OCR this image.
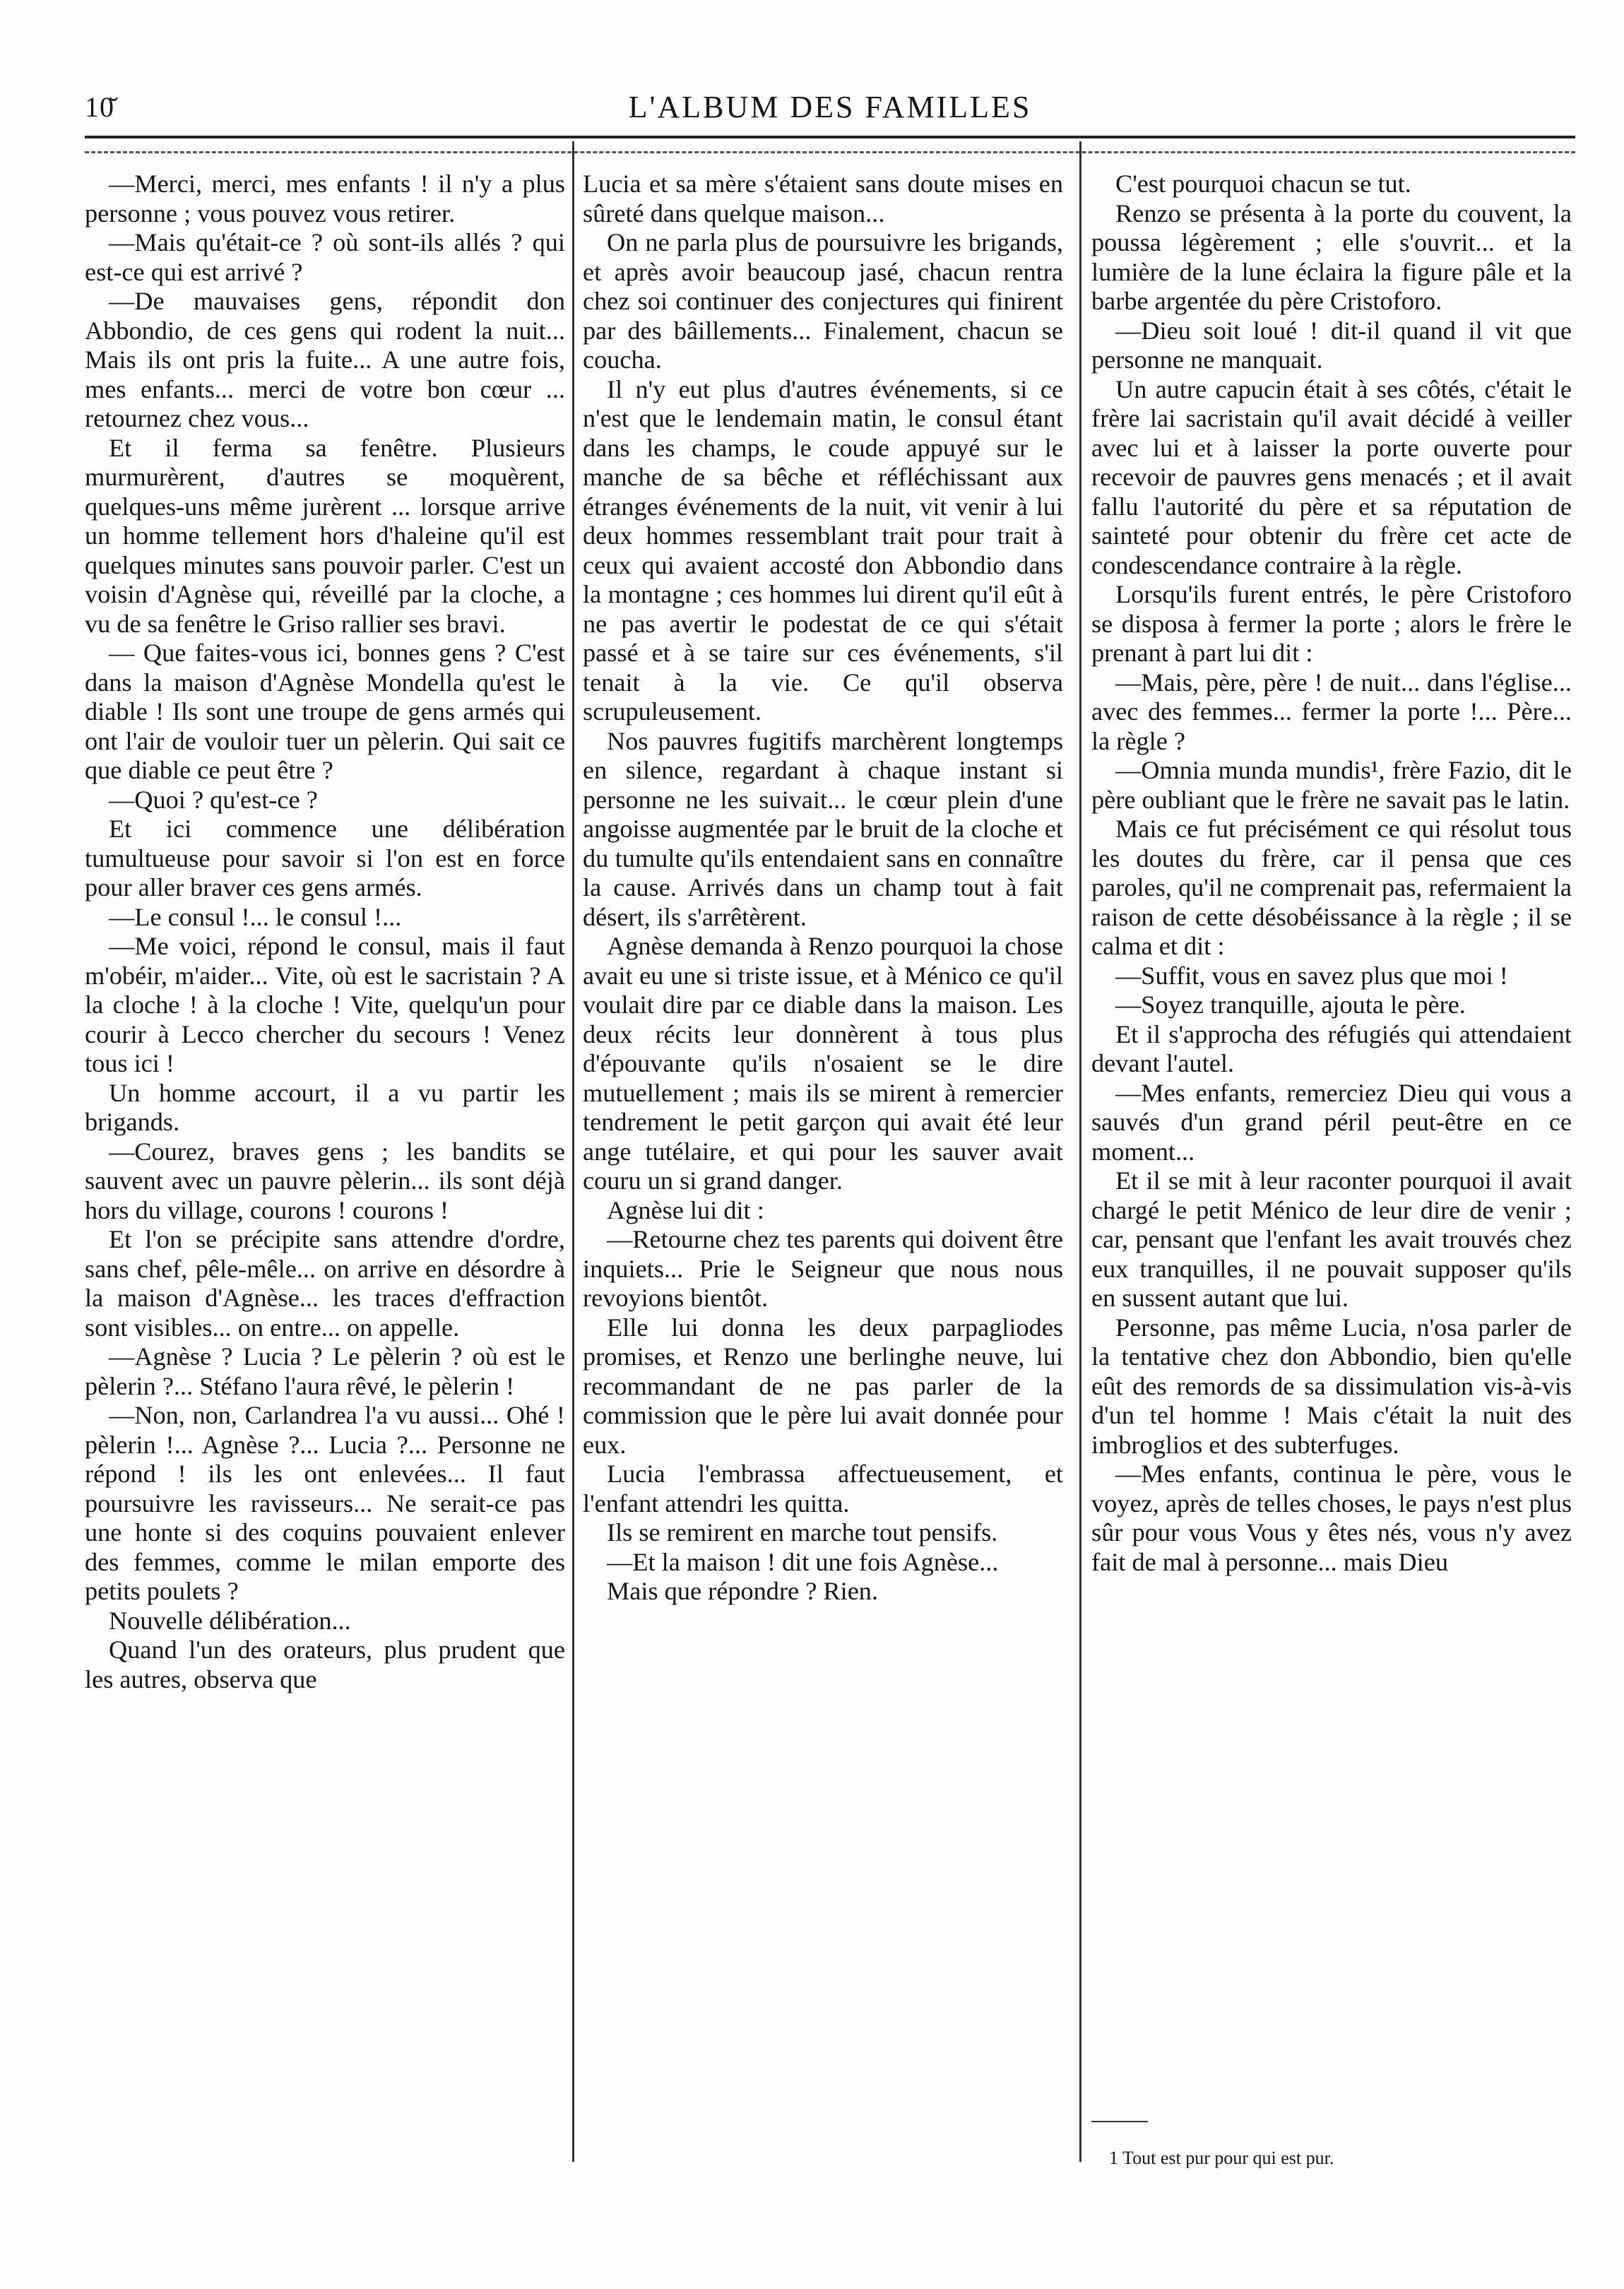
10̆	L'ALBUM DES FAMILLES

—Merci, merci, mes enfants ! il n'y a plus personne ; vous pouvez vous retirer.

—Mais qu'était-ce ? où sont-ils allés ? qui est-ce qui est arrivé ?

—De mauvaises gens, répondit don Abbondio, de ces gens qui rodent la nuit... Mais ils ont pris la fuite... A une autre fois, mes enfants... merci de votre bon cœur ... retournez chez vous...

Et il ferma sa fenêtre. Plusieurs murmurèrent, d'autres se moquèrent, quelques-uns même jurèrent ... lorsque arrive un homme tellement hors d'haleine qu'il est quelques minutes sans pouvoir parler. C'est un voisin d'Agnèse qui, réveillé par la cloche, a vu de sa fenêtre le Griso rallier ses bravi.

— Que faites-vous ici, bonnes gens ? C'est dans la maison d'Agnèse Mondella qu'est le diable ! Ils sont une troupe de gens armés qui ont l'air de vouloir tuer un pèlerin. Qui sait ce que diable ce peut être ?

—Quoi ? qu'est-ce ?

Et ici commence une délibération tumultueuse pour savoir si l'on est en force pour aller braver ces gens armés.

—Le consul !... le consul !...

—Me voici, répond le consul, mais il faut m'obéir, m'aider... Vite, où est le sacristain ? A la cloche ! à la cloche ! Vite, quelqu'un pour courir à Lecco chercher du secours ! Venez tous ici !

Un homme accourt, il a vu partir les brigands.

—Courez, braves gens ; les bandits se sauvent avec un pauvre pèlerin... ils sont déjà hors du village, courons ! courons !

Et l'on se précipite sans attendre d'ordre, sans chef, pêle-mêle... on arrive en désordre à la maison d'Agnèse... les traces d'effraction sont visibles... on entre... on appelle.

—Agnèse ? Lucia ? Le pèlerin ? où est le pèlerin ?... Stéfano l'aura rêvé, le pèlerin !

—Non, non, Carlandrea l'a vu aussi... Ohé ! pèlerin !... Agnèse ?... Lucia ?... Personne ne répond ! ils les ont enlevées... Il faut poursuivre les ravisseurs... Ne serait-ce pas une honte si des coquins pouvaient enlever des femmes, comme le milan emporte des petits poulets ?

Nouvelle délibération...

Quand l'un des orateurs, plus prudent que les autres, observa que

Lucia et sa mère s'étaient sans doute mises en sûreté dans quelque maison...

On ne parla plus de poursuivre les brigands, et après avoir beaucoup jasé, chacun rentra chez soi continuer des conjectures qui finirent par des bâillements... Finalement, chacun se coucha.

Il n'y eut plus d'autres événements, si ce n'est que le lendemain matin, le consul étant dans les champs, le coude appuyé sur le manche de sa bêche et réfléchissant aux étranges événements de la nuit, vit venir à lui deux hommes ressemblant trait pour trait à ceux qui avaient accosté don Abbondio dans la montagne ; ces hommes lui dirent qu'il eût à ne pas avertir le podestat de ce qui s'était passé et à se taire sur ces événements, s'il tenait à la vie. Ce qu'il observa scrupuleusement.

Nos pauvres fugitifs marchèrent longtemps en silence, regardant à chaque instant si personne ne les suivait... le cœur plein d'une angoisse augmentée par le bruit de la cloche et du tumulte qu'ils entendaient sans en connaître la cause. Arrivés dans un champ tout à fait désert, ils s'arrêtèrent.

Agnèse demanda à Renzo pourquoi la chose avait eu une si triste issue, et à Ménico ce qu'il voulait dire par ce diable dans la maison. Les deux récits leur donnèrent à tous plus d'épouvante qu'ils n'osaient se le dire mutuellement ; mais ils se mirent à remercier tendrement le petit garçon qui avait été leur ange tutélaire, et qui pour les sauver avait couru un si grand danger.

Agnèse lui dit :

—Retourne chez tes parents qui doivent être inquiets... Prie le Seigneur que nous nous revoyions bientôt.

Elle lui donna les deux parpagliodes promises, et Renzo une berlinghe neuve, lui recommandant de ne pas parler de la commission que le père lui avait donnée pour eux.

Lucia l'embrassa affectueusement, et l'enfant attendri les quitta.

Ils se remirent en marche tout pensifs.

—Et la maison ! dit une fois Agnèse...

Mais que répondre ? Rien.

C'est pourquoi chacun se tut.

Renzo se présenta à la porte du couvent, la poussa légèrement ; elle s'ouvrit... et la lumière de la lune éclaira la figure pâle et la barbe argentée du père Cristoforo.

—Dieu soit loué ! dit-il quand il vit que personne ne manquait.

Un autre capucin était à ses côtés, c'était le frère lai sacristain qu'il avait décidé à veiller avec lui et à laisser la porte ouverte pour recevoir de pauvres gens menacés ; et il avait fallu l'autorité du père et sa réputation de sainteté pour obtenir du frère cet acte de condescendance contraire à la règle.

Lorsqu'ils furent entrés, le père Cristoforo se disposa à fermer la porte ; alors le frère le prenant à part lui dit :

—Mais, père, père ! de nuit... dans l'église... avec des femmes... fermer la porte !... Père... la règle ?

—Omnia munda mundis¹, frère Fazio, dit le père oubliant que le frère ne savait pas le latin.

Mais ce fut précisément ce qui résolut tous les doutes du frère, car il pensa que ces paroles, qu'il ne comprenait pas, refermaient la raison de cette désobéissance à la règle ; il se calma et dit :

—Suffit, vous en savez plus que moi !

—Soyez tranquille, ajouta le père.

Et il s'approcha des réfugiés qui attendaient devant l'autel.

—Mes enfants, remerciez Dieu qui vous a sauvés d'un grand péril peut-être en ce moment...

Et il se mit à leur raconter pourquoi il avait chargé le petit Ménico de leur dire de venir ; car, pensant que l'enfant les avait trouvés chez eux tranquilles, il ne pouvait supposer qu'ils en sussent autant que lui.

Personne, pas même Lucia, n'osa parler de la tentative chez don Abbondio, bien qu'elle eût des remords de sa dissimulation vis-à-vis d'un tel homme ! Mais c'était la nuit des imbroglios et des subterfuges.

—Mes enfants, continua le père, vous le voyez, après de telles choses, le pays n'est plus sûr pour vous Vous y êtes nés, vous n'y avez fait de mal à personne... mais Dieu

1 Tout est pur pour qui est pur.
